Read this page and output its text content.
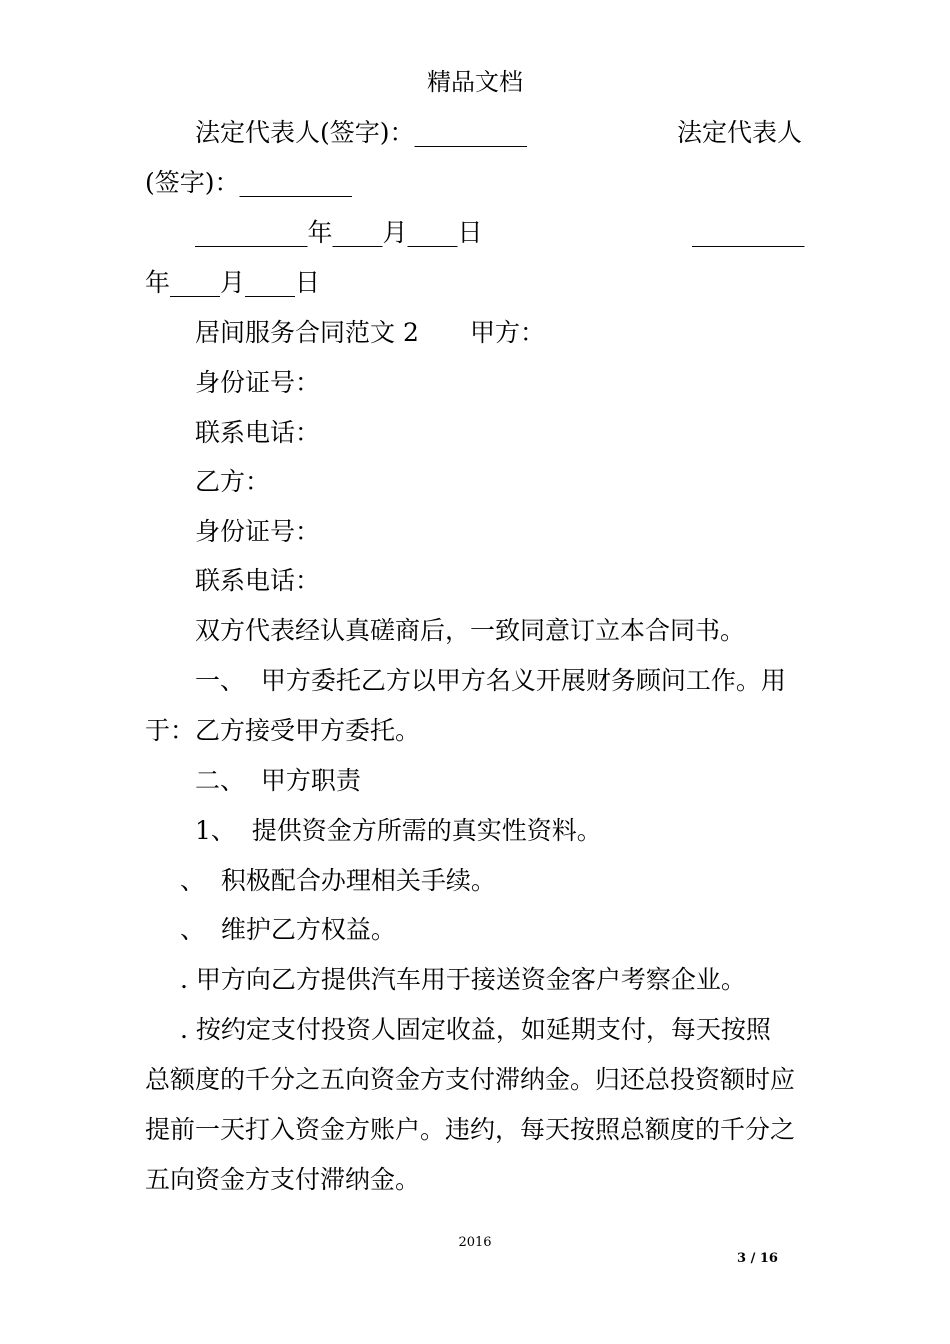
精品文档
法定代表人(签字)：_________	法定代表人
(签字)：_________
_________年____月____日	_________
年____月____日
居间服务合同范文 2 甲方：
身份证号：
联系电话：
乙方：
身份证号：
联系电话：
双方代表经认真磋商后，一致同意订立本合同书。
一、  甲方委托乙方以甲方名义开展财务顾问工作。用
于：乙方接受甲方委托。
二、  甲方职责
1、  提供资金方所需的真实性资料。
、  积极配合办理相关手续。
、  维护乙方权益。
. 甲方向乙方提供汽车用于接送资金客户考察企业。
. 按约定支付投资人固定收益，如延期支付，每天按照
总额度的千分之五向资金方支付滞纳金。归还总投资额时应
提前一天打入资金方账户。违约，每天按照总额度的千分之
五向资金方支付滞纳金。
2016
3 / 16
